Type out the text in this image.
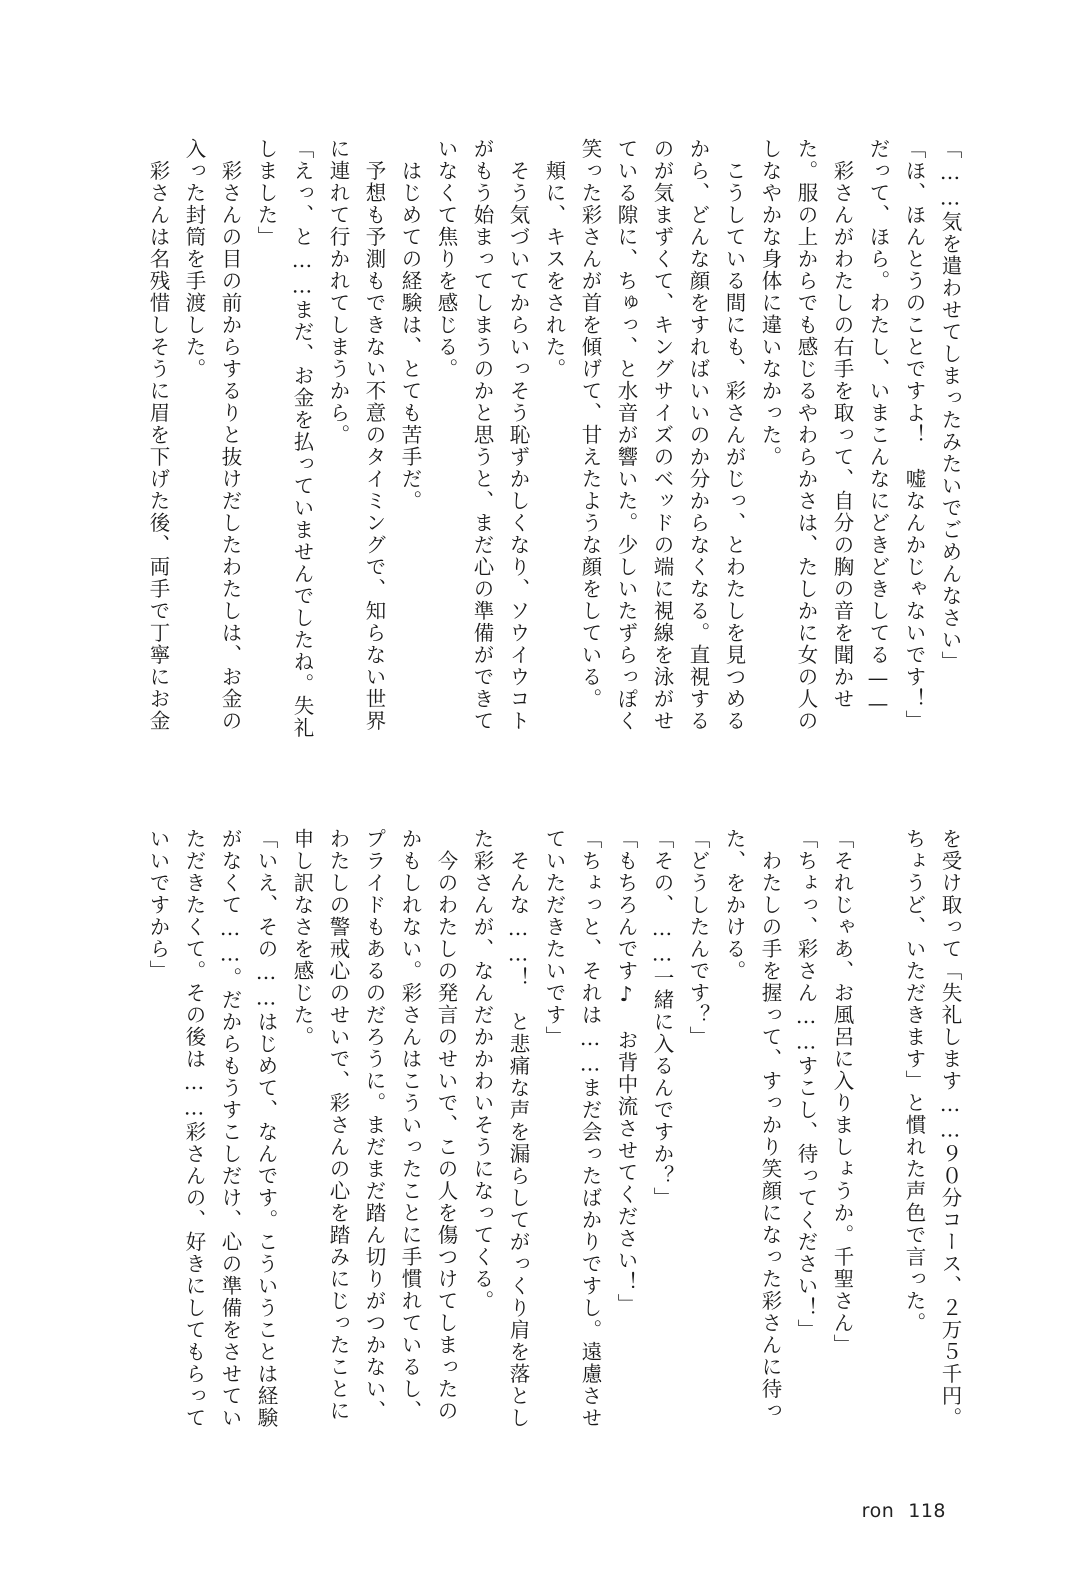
「……気を遣わせてしまったみたいでごめんなさい」
「ほ、ほんとうのことですよ！　嘘なんかじゃないです！」
だって、ほら。わたし、いまこんなにどきどきしてる——
　彩さんがわたしの右手を取って、自分の胸の音を聞かせ
た。服の上からでも感じるやわらかさは、たしかに女の人の
しなやかな身体に違いなかった。
　こうしている間にも、彩さんがじっ、とわたしを見つめる
から、どんな顔をすればいいのか分からなくなる。直視する
のが気まずくて、キングサイズのベッドの端に視線を泳がせ
ている隙に、ちゅっ、と水音が響いた。少しいたずらっぽく
笑った彩さんが首を傾げて、甘えたような顔をしている。
　頬に、キスをされた。
　そう気づいてからいっそう恥ずかしくなり、ソウイウコト
がもう始まってしまうのかと思うと、まだ心の準備ができて
いなくて焦りを感じる。
　はじめての経験は、とても苦手だ。
　予想も予測もできない不意のタイミングで、知らない世界
に連れて行かれてしまうから。
「えっ、と……まだ、お金を払っていませんでしたね。失礼
しました」
　彩さんの目の前からするりと抜けだしたわたしは、お金の
入った封筒を手渡した。
　彩さんは名残惜しそうに眉を下げた後、両手で丁寧にお金
を受け取って「失礼します……９０分コース、２万５千円。
ちょうど、いただきます」と慣れた声色で言った。
「それじゃあ、お風呂に入りましょうか。千聖さん」
「ちょっ、彩さん……すこし、待ってください！」
　わたしの手を握って、すっかり笑顔になった彩さんに待っ
た、をかける。
「どうしたんです？」
「その、……一緒に入るんですか？」
「もちろんです♪　お背中流させてください！」
「ちょっと、それは……まだ会ったばかりですし。遠慮させ
ていただきたいです」
　そんな……！　と悲痛な声を漏らしてがっくり肩を落とし
た彩さんが、なんだかかわいそうになってくる。
　今のわたしの発言のせいで、この人を傷つけてしまったの
かもしれない。彩さんはこういったことに手慣れているし、
プライドもあるのだろうに。まだまだ踏ん切りがつかない、
わたしの警戒心のせいで、彩さんの心を踏みにじったことに
申し訳なさを感じた。
「いえ、その……はじめて、なんです。こういうことは経験
がなくて……。だからもうすこしだけ、心の準備をさせてい
ただきたくて。その後は……彩さんの、好きにしてもらって
いいですから」
ron 118
